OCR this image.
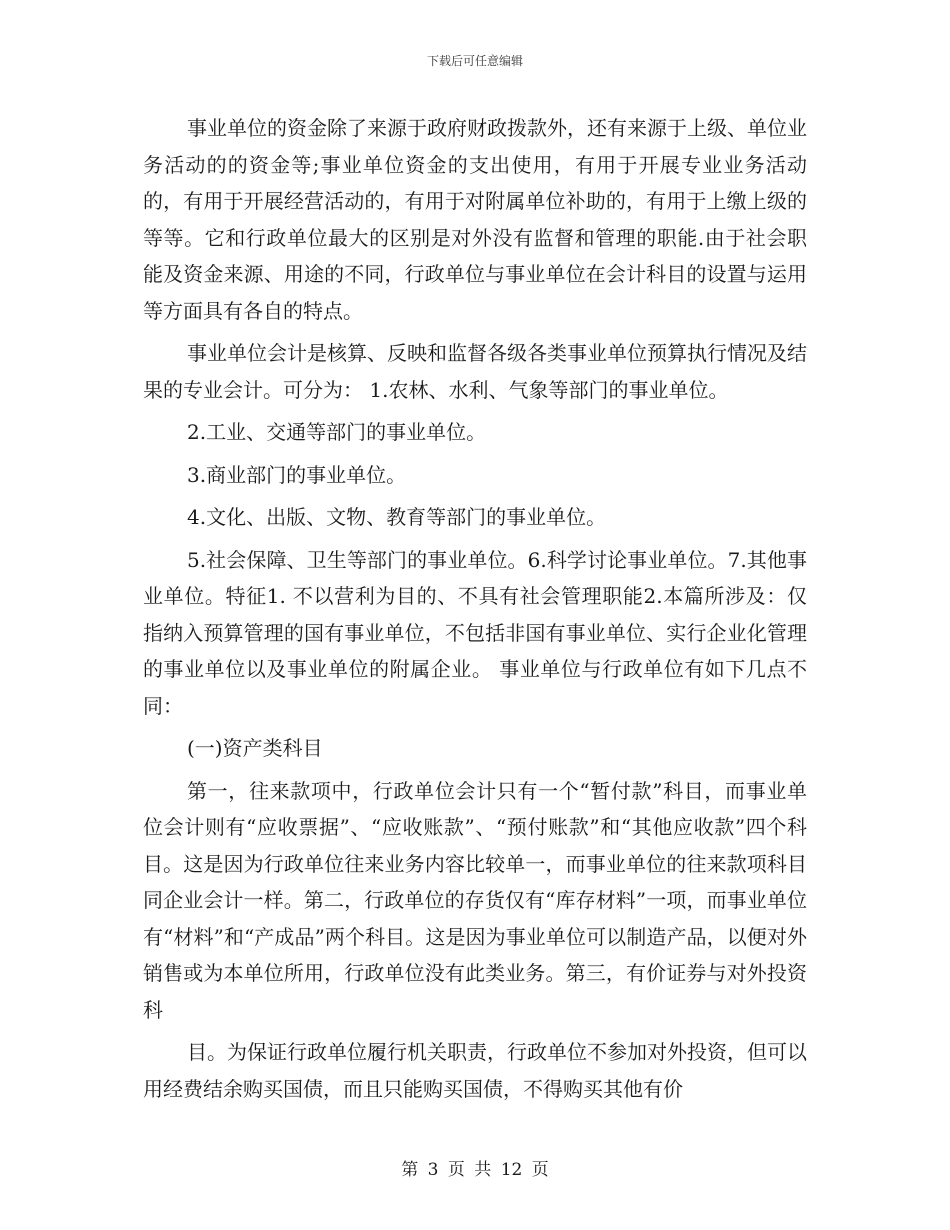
下载后可任意编辑

事业单位的资金除了来源于政府财政拨款外，还有来源于上级、单位业务活动的的资金等;事业单位资金的支出使用，有用于开展专业业务活动的，有用于开展经营活动的，有用于对附属单位补助的，有用于上缴上级的等等。它和行政单位最大的区别是对外没有监督和管理的职能.由于社会职能及资金来源、用途的不同，行政单位与事业单位在会计科目的设置与运用等方面具有各自的特点。

事业单位会计是核算、反映和监督各级各类事业单位预算执行情况及结果的专业会计。可分为： 1.农林、水利、气象等部门的事业单位。

2.工业、交通等部门的事业单位。

3.商业部门的事业单位。

4.文化、出版、文物、教育等部门的事业单位。

5.社会保障、卫生等部门的事业单位。6.科学讨论事业单位。7.其他事业单位。特征1. 不以营利为目的、不具有社会管理职能2.本篇所涉及：仅指纳入预算管理的国有事业单位，不包括非国有事业单位、实行企业化管理的事业单位以及事业单位的附属企业。 事业单位与行政单位有如下几点不同：

(一)资产类科目

第一，往来款项中，行政单位会计只有一个“暂付款”科目，而事业单位会计则有“应收票据”、“应收账款”、“预付账款”和“其他应收款”四个科目。这是因为行政单位往来业务内容比较单一，而事业单位的往来款项科目同企业会计一样。第二，行政单位的存货仅有“库存材料”一项，而事业单位有“材料”和“产成品”两个科目。这是因为事业单位可以制造产品，以便对外销售或为本单位所用，行政单位没有此类业务。第三，有价证券与对外投资科

目。为保证行政单位履行机关职责，行政单位不参加对外投资，但可以用经费结余购买国债，而且只能购买国债，不得购买其他有价

第 3 页 共 12 页
